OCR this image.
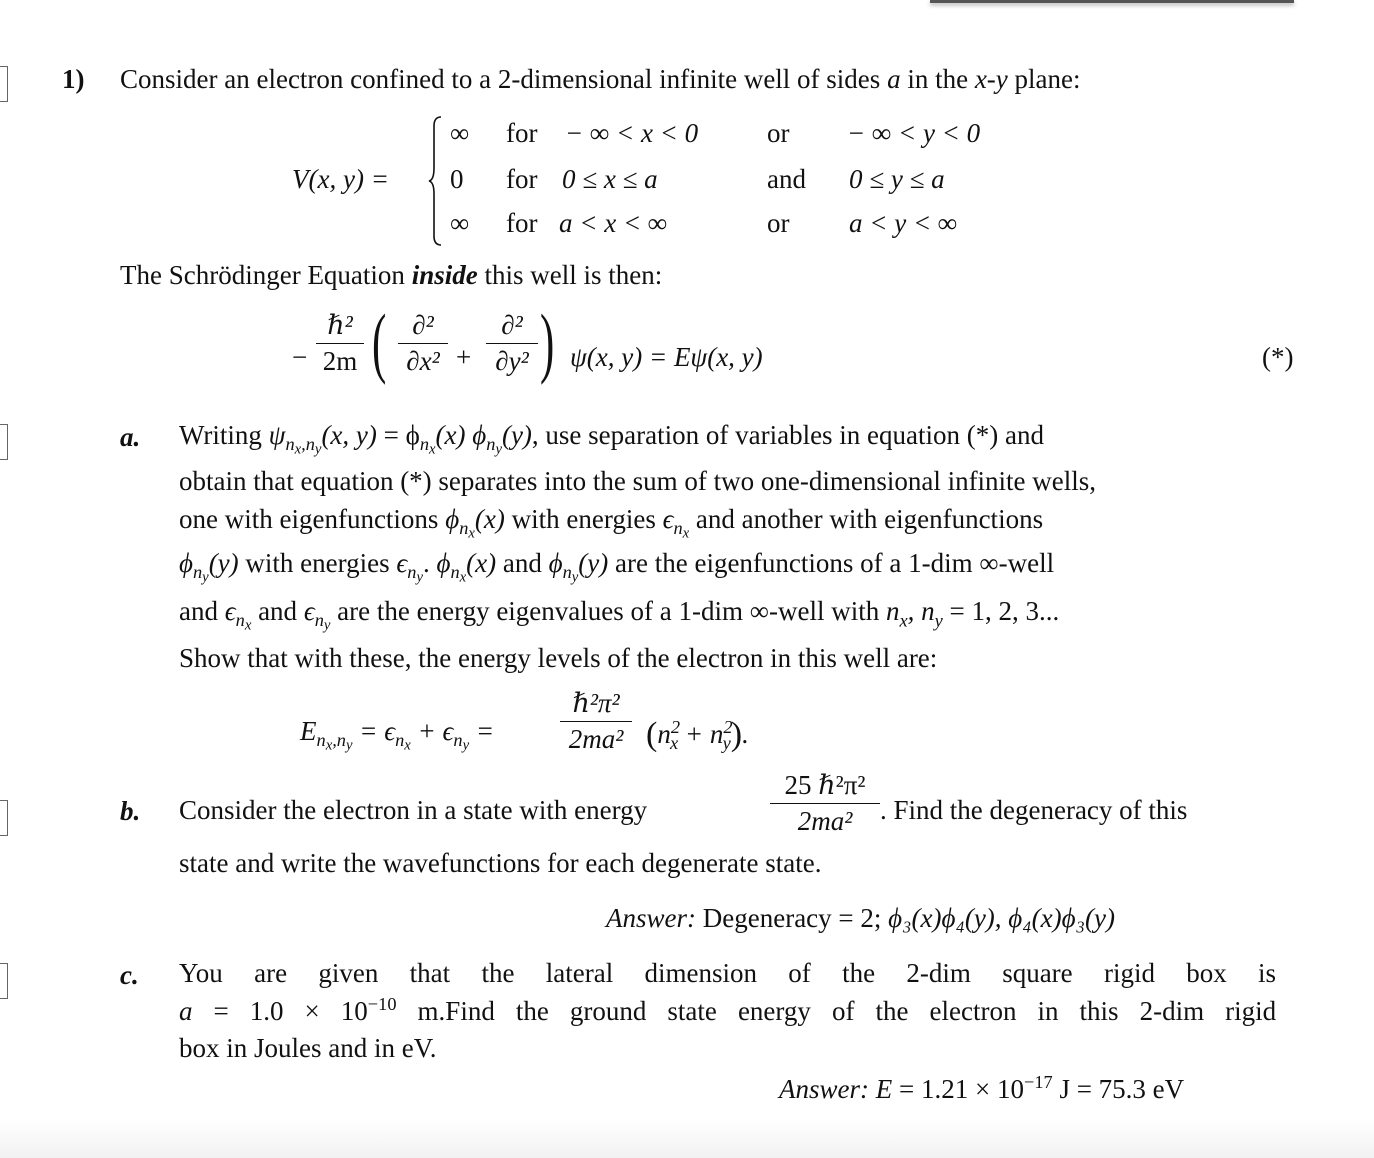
1) Consider an electron confined to a 2-dimensional infinite well of sides a in the x-y plane:
V(x, y) =
∞ for − ∞ < x < 0	or − ∞ < y < 0
0 for 0 ≤ x ≤ a	and 0 ≤ y ≤ a
∞ for a < x < ∞	or a < y < ∞
The Schrödinger Equation inside this well is then:
−
ℏ²
2m ( ∂²
∂x² +
∂²
∂y² ) ψ(x, y) = Eψ(x, y)	(*)
a. Writing $\psi_{n_x,n_y}(x$, $y) = \phi_{n_x}(x)$ $\phi_{n_y}(y)$, use separation of variables in equation (*) and
obtain that equation (*) separates into the sum of two one-dimensional infinite wells,
one with eigenfunctions $\phi_{n_x}(x)$ with energies $\epsilon_{n_x}$ and another with eigenfunctions
$\phi_{n_y}(y)$ with energies $\epsilon_{n_y}$. $\phi_{n_x}(x)$ and $\phi_{n_y}(y)$ are the eigenfunctions of a 1-dim ∞-well
and $\epsilon_{n_x}$ and $\epsilon_{n_y}$ are the energy eigenvalues of a 1-dim ∞-well with $n_x$, $n_y = 1$, 2, 3...
Show that with these, the energy levels of the electron in this well are:
$E_{n_x,n_y} = \epsilon_{n_x} + \epsilon_{n_y}$ =
ℏ²π²
2ma² $(n^2_x + n^2_y)$.
b. Consider the electron in a state with energy
25 ℏ²π²
2ma²	. Find the degeneracy of this
state and write the wavefunctions for each degenerate state.
Answer: Degeneracy = 2; ϕ₃(x)ϕ₄(y), ϕ₄(x)ϕ₃(y)
c. You are given that the lateral dimension of the 2-dim square rigid box is
$a = 1.0 \times 10^{-10}$ m.Find the ground state energy of the electron in this 2-dim rigid
box in Joules and in eV.
Answer: $E = 1.21 \times 10^{-17}$ J = 75.3 eV
